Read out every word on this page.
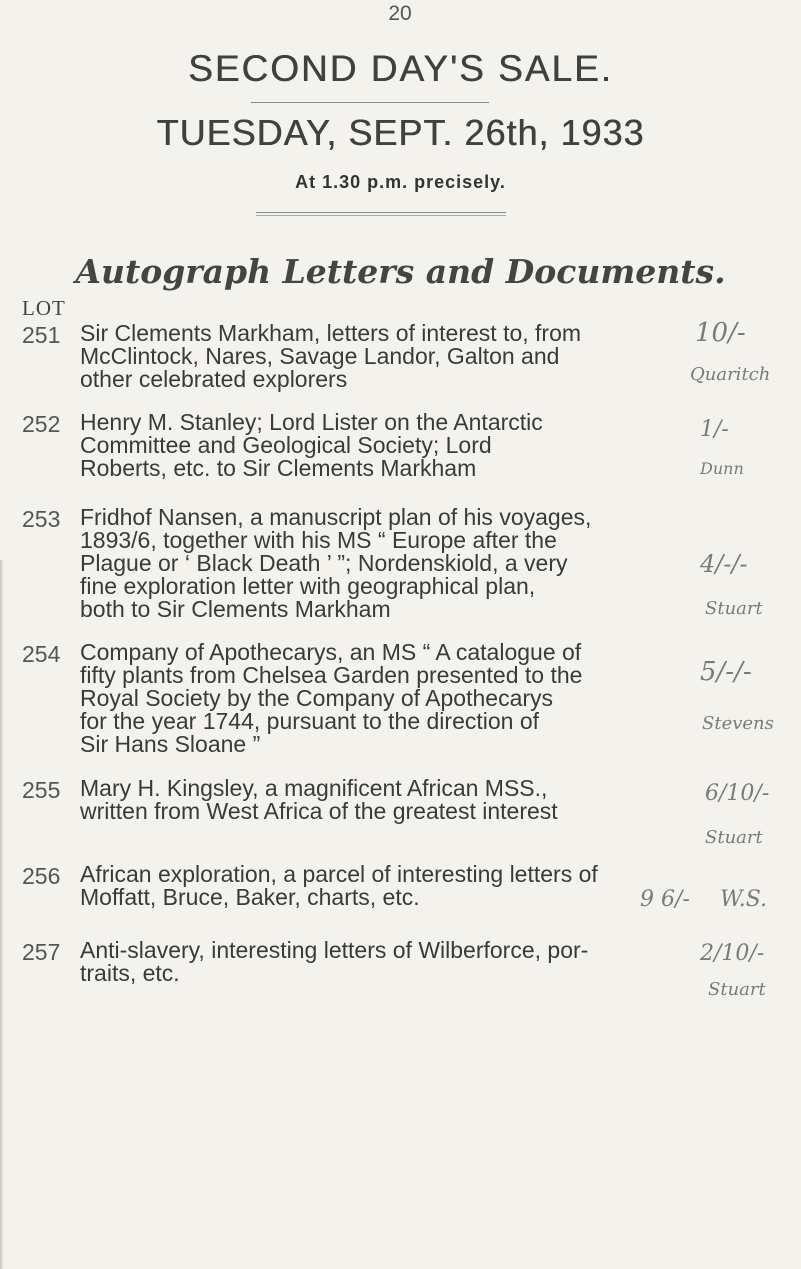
20
SECOND DAY'S SALE.
TUESDAY, SEPT. 26th, 1933
At 1.30 p.m. precisely.
Autograph Letters and Documents.
LOT
251 Sir Clements Markham, letters of interest to, from
McClintock, Nares, Savage Landor, Galton and
other celebrated explorers
10/-
Quaritch
252 Henry M. Stanley; Lord Lister on the Antarctic
Committee and Geological Society; Lord
Roberts, etc. to Sir Clements Markham
1/-
Dunn
253 Fridhof Nansen, a manuscript plan of his voyages,
1893/6, together with his MS “ Europe after the
Plague or ‘ Black Death ’ ”; Nordenskiold, a very
fine exploration letter with geographical plan,
both to Sir Clements Markham
4/-/-
Stuart
254 Company of Apothecarys, an MS “ A catalogue of
fifty plants from Chelsea Garden presented to the
Royal Society by the Company of Apothecarys
for the year 1744, pursuant to the direction of
Sir Hans Sloane ”
5/-/-
Stevens
255 Mary H. Kingsley, a magnificent African MSS.,
written from West Africa of the greatest interest
6/10/-
Stuart
256 African exploration, a parcel of interesting letters of
Moffatt, Bruce, Baker, charts, etc.	9 6/- W.S.
257 Anti-slavery, interesting letters of Wilberforce, por-
traits, etc.
2/10/-
Stuart
